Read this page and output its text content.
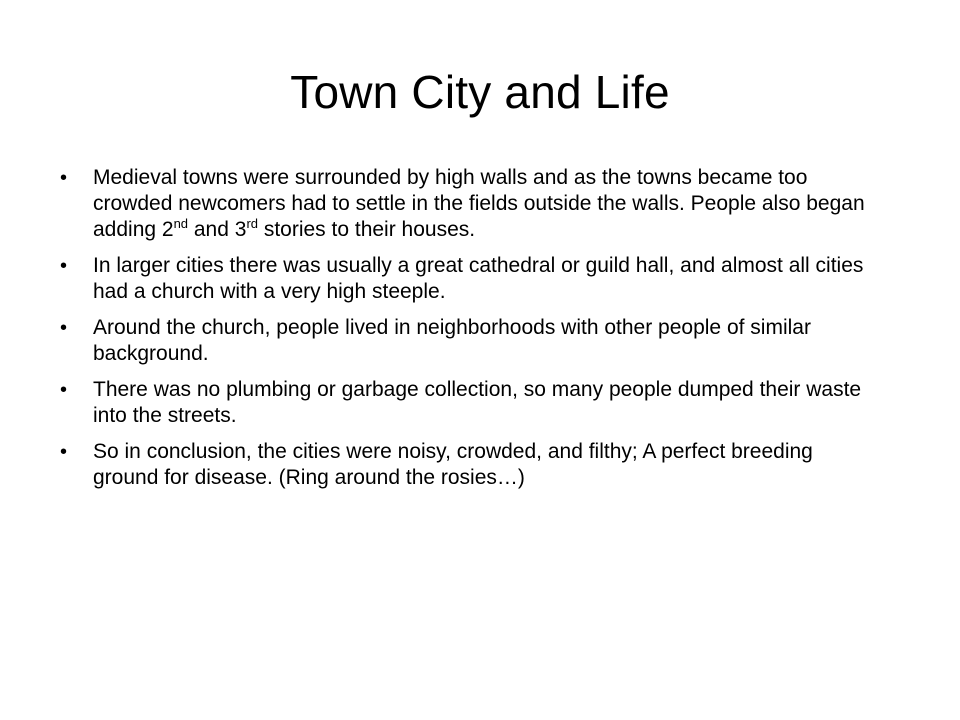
Town City and Life
• Medieval towns were surrounded by high walls and as the towns became too crowded newcomers had to settle in the fields outside the walls. People also began adding 2nd and 3rd stories to their houses.
• In larger cities there was usually a great cathedral or guild hall, and almost all cities had a church with a very high steeple.
• Around the church, people lived in neighborhoods with other people of similar background.
• There was no plumbing or garbage collection, so many people dumped their waste into the streets.
• So in conclusion, the cities were noisy, crowded, and filthy; A perfect breeding ground for disease. (Ring around the rosies…)
